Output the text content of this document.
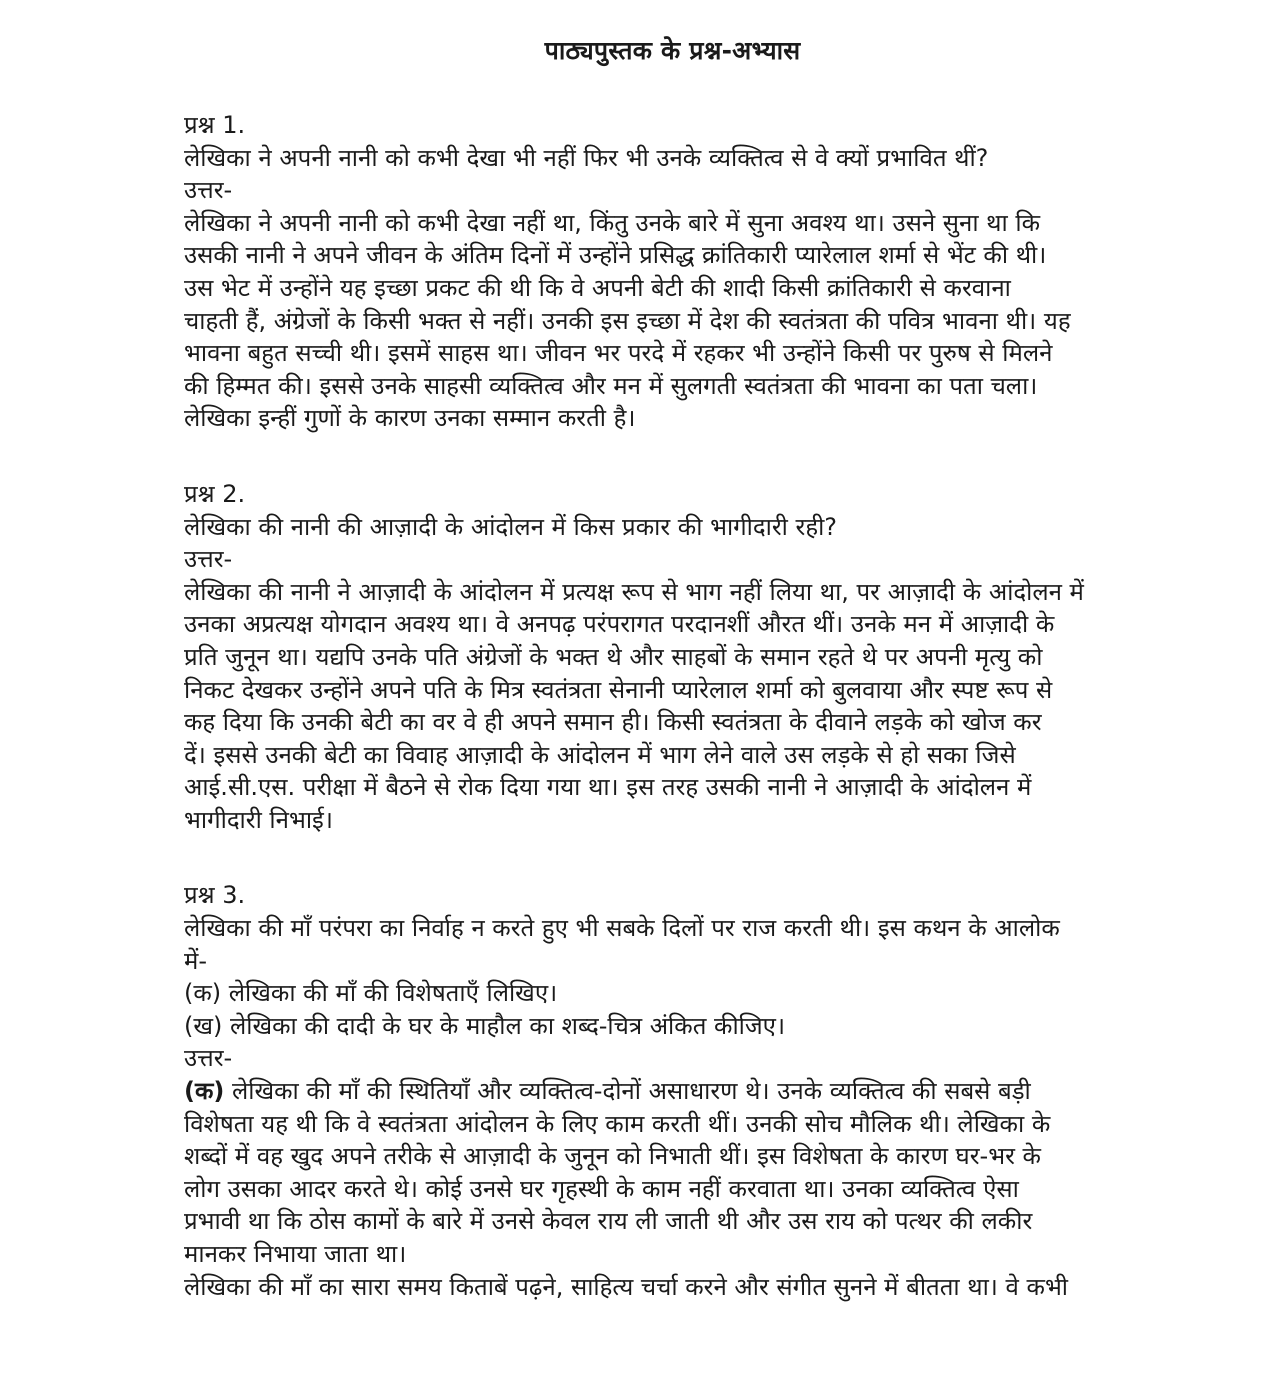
पाठ्यपुस्तक के प्रश्न-अभ्यास

प्रश्न 1.

लेखिका ने अपनी नानी को कभी देखा भी नहीं फिर भी उनके व्यक्तित्व से वे क्यों प्रभावित थीं?

उत्तर-

लेखिका ने अपनी नानी को कभी देखा नहीं था, किंतु उनके बारे में सुना अवश्य था। उसने सुना था कि

उसकी नानी ने अपने जीवन के अंतिम दिनों में उन्होंने प्रसिद्ध क्रांतिकारी प्यारेलाल शर्मा से भेंट की थी।

उस भेट में उन्होंने यह इच्छा प्रकट की थी कि वे अपनी बेटी की शादी किसी क्रांतिकारी से करवाना

चाहती हैं, अंग्रेजों के किसी भक्त से नहीं। उनकी इस इच्छा में देश की स्वतंत्रता की पवित्र भावना थी। यह

भावना बहुत सच्ची थी। इसमें साहस था। जीवन भर परदे में रहकर भी उन्होंने किसी पर पुरुष से मिलने

की हिम्मत की। इससे उनके साहसी व्यक्तित्व और मन में सुलगती स्वतंत्रता की भावना का पता चला।

लेखिका इन्हीं गुणों के कारण उनका सम्मान करती है।

प्रश्न 2.

लेखिका की नानी की आज़ादी के आंदोलन में किस प्रकार की भागीदारी रही?

उत्तर-

लेखिका की नानी ने आज़ादी के आंदोलन में प्रत्यक्ष रूप से भाग नहीं लिया था, पर आज़ादी के आंदोलन में

उनका अप्रत्यक्ष योगदान अवश्य था। वे अनपढ़ परंपरागत परदानशीं औरत थीं। उनके मन में आज़ादी के

प्रति जुनून था। यद्यपि उनके पति अंग्रेजों के भक्त थे और साहबों के समान रहते थे पर अपनी मृत्यु को

निकट देखकर उन्होंने अपने पति के मित्र स्वतंत्रता सेनानी प्यारेलाल शर्मा को बुलवाया और स्पष्ट रूप से

कह दिया कि उनकी बेटी का वर वे ही अपने समान ही। किसी स्वतंत्रता के दीवाने लड़के को खोज कर

दें। इससे उनकी बेटी का विवाह आज़ादी के आंदोलन में भाग लेने वाले उस लड़के से हो सका जिसे

आई.सी.एस. परीक्षा में बैठने से रोक दिया गया था। इस तरह उसकी नानी ने आज़ादी के आंदोलन में

भागीदारी निभाई।

प्रश्न 3.

लेखिका की माँ परंपरा का निर्वाह न करते हुए भी सबके दिलों पर राज करती थी। इस कथन के आलोक

में-

(क) लेखिका की माँ की विशेषताएँ लिखिए।

(ख) लेखिका की दादी के घर के माहौल का शब्द-चित्र अंकित कीजिए।

उत्तर-

(क) लेखिका की माँ की स्थितियाँ और व्यक्तित्व-दोनों असाधारण थे। उनके व्यक्तित्व की सबसे बड़ी

विशेषता यह थी कि वे स्वतंत्रता आंदोलन के लिए काम करती थीं। उनकी सोच मौलिक थी। लेखिका के

शब्दों में वह खुद अपने तरीके से आज़ादी के जुनून को निभाती थीं। इस विशेषता के कारण घर-भर के

लोग उसका आदर करते थे। कोई उनसे घर गृहस्थी के काम नहीं करवाता था। उनका व्यक्तित्व ऐसा

प्रभावी था कि ठोस कामों के बारे में उनसे केवल राय ली जाती थी और उस राय को पत्थर की लकीर

मानकर निभाया जाता था।

लेखिका की माँ का सारा समय किताबें पढ़ने, साहित्य चर्चा करने और संगीत सुनने में बीतता था। वे कभी
